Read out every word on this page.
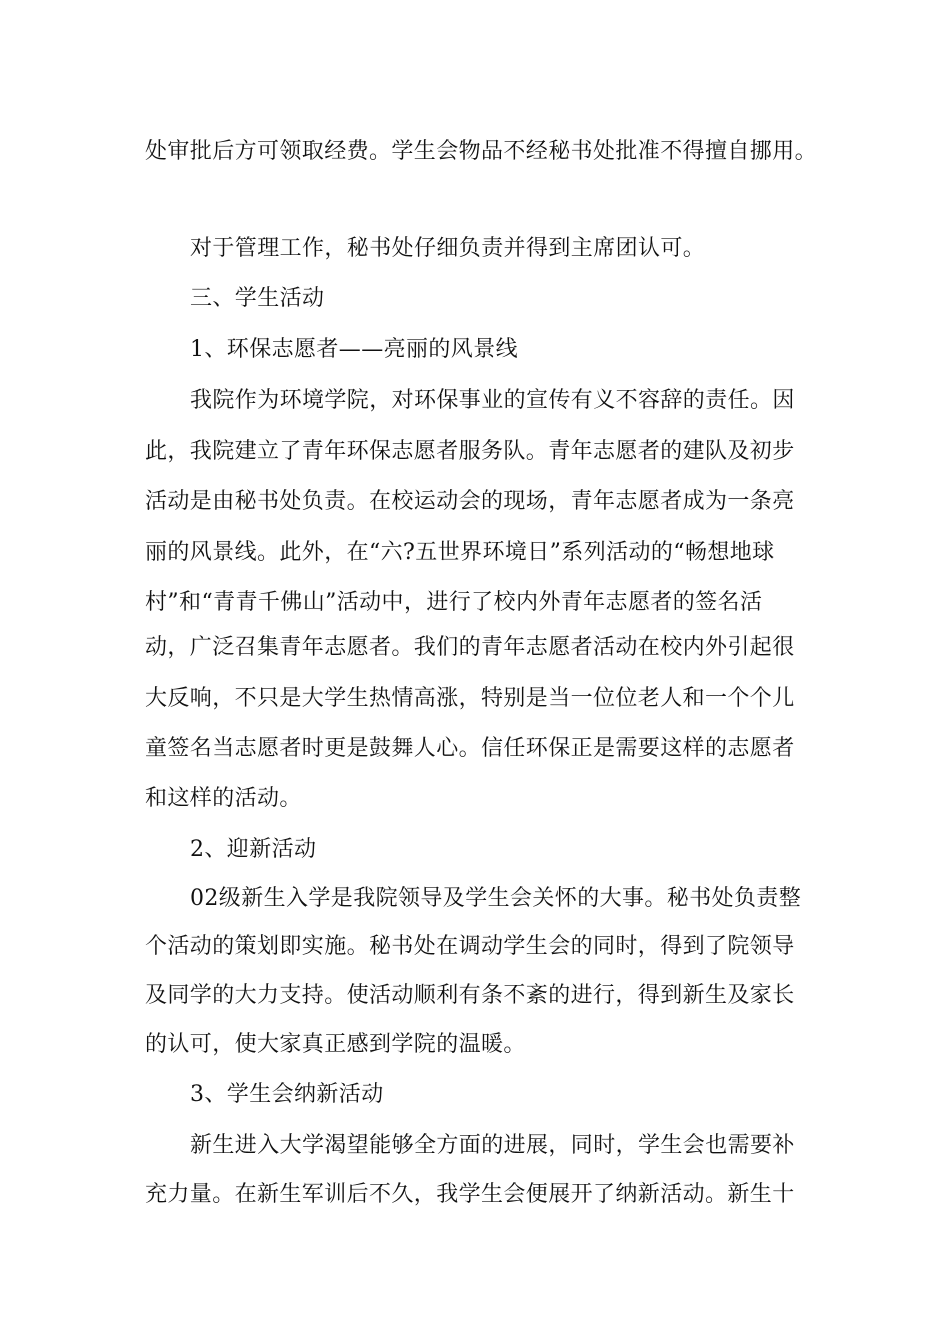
处审批后方可领取经费。学生会物品不经秘书处批准不得擅自挪用。
对于管理工作，秘书处仔细负责并得到主席团认可。
三、学生活动
1、环保志愿者——亮丽的风景线
我院作为环境学院，对环保事业的宣传有义不容辞的责任。因
此，我院建立了青年环保志愿者服务队。青年志愿者的建队及初步
活动是由秘书处负责。在校运动会的现场，青年志愿者成为一条亮
丽的风景线。此外，在“六?五世界环境日”系列活动的“畅想地球
村”和“青青千佛山”活动中，进行了校内外青年志愿者的签名活
动，广泛召集青年志愿者。我们的青年志愿者活动在校内外引起很
大反响，不只是大学生热情高涨，特别是当一位位老人和一个个儿
童签名当志愿者时更是鼓舞人心。信任环保正是需要这样的志愿者
和这样的活动。
2、迎新活动
02级新生入学是我院领导及学生会关怀的大事。秘书处负责整
个活动的策划即实施。秘书处在调动学生会的同时，得到了院领导
及同学的大力支持。使活动顺利有条不紊的进行，得到新生及家长
的认可，使大家真正感到学院的温暖。
3、学生会纳新活动
新生进入大学渴望能够全方面的进展，同时，学生会也需要补
充力量。在新生军训后不久，我学生会便展开了纳新活动。新生十
